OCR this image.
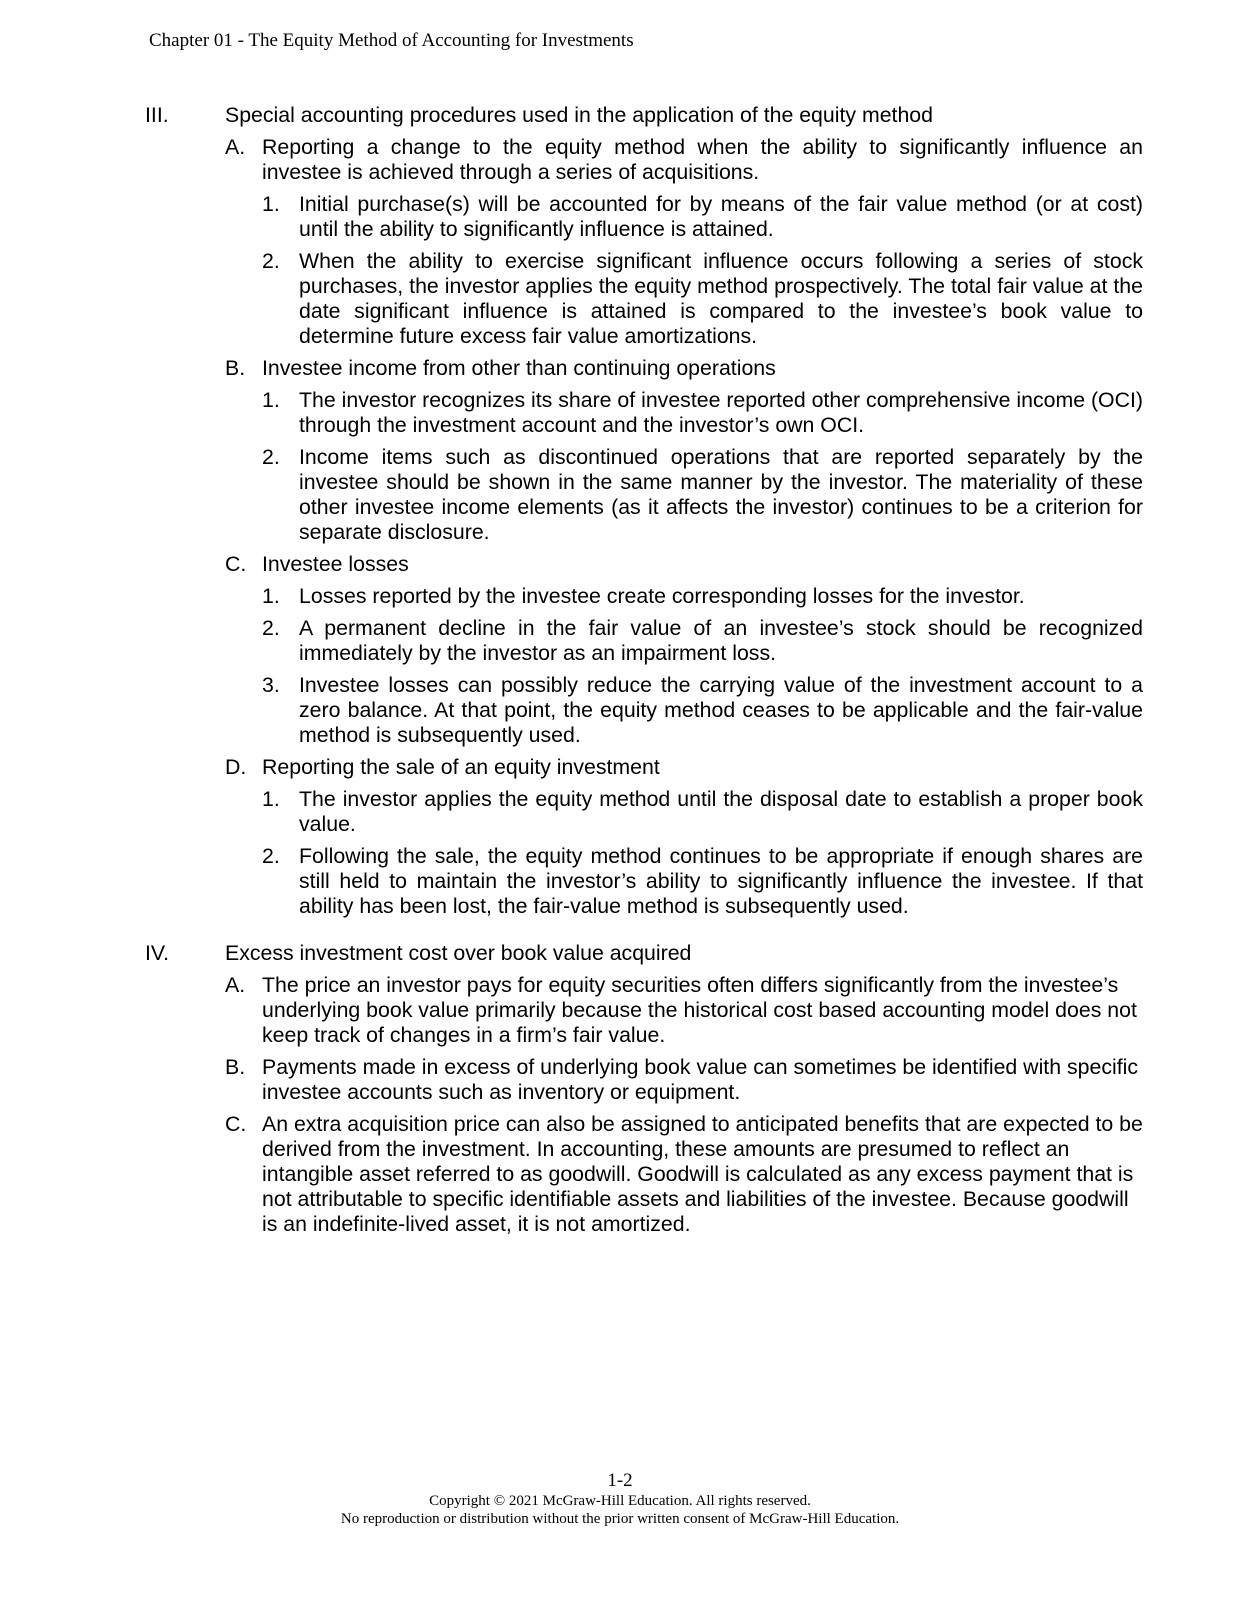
Chapter 01 - The Equity Method of Accounting for Investments
III.	Special accounting procedures used in the application of the equity method
A. Reporting a change to the equity method when the ability to significantly influence an investee is achieved through a series of acquisitions.
1. Initial purchase(s) will be accounted for by means of the fair value method (or at cost) until the ability to significantly influence is attained.
2. When the ability to exercise significant influence occurs following a series of stock purchases, the investor applies the equity method prospectively. The total fair value at the date significant influence is attained is compared to the investee’s book value to determine future excess fair value amortizations.
B. Investee income from other than continuing operations
1. The investor recognizes its share of investee reported other comprehensive income (OCI) through the investment account and the investor’s own OCI.
2. Income items such as discontinued operations that are reported separately by the investee should be shown in the same manner by the investor. The materiality of these other investee income elements (as it affects the investor) continues to be a criterion for separate disclosure.
C. Investee losses
1. Losses reported by the investee create corresponding losses for the investor.
2. A permanent decline in the fair value of an investee’s stock should be recognized immediately by the investor as an impairment loss.
3. Investee losses can possibly reduce the carrying value of the investment account to a zero balance. At that point, the equity method ceases to be applicable and the fair-value method is subsequently used.
D. Reporting the sale of an equity investment
1. The investor applies the equity method until the disposal date to establish a proper book value.
2. Following the sale, the equity method continues to be appropriate if enough shares are still held to maintain the investor’s ability to significantly influence the investee. If that ability has been lost, the fair-value method is subsequently used.
IV.	Excess investment cost over book value acquired
A. The price an investor pays for equity securities often differs significantly from the investee’s underlying book value primarily because the historical cost based accounting model does not keep track of changes in a firm’s fair value.
B. Payments made in excess of underlying book value can sometimes be identified with specific investee accounts such as inventory or equipment.
C. An extra acquisition price can also be assigned to anticipated benefits that are expected to be derived from the investment. In accounting, these amounts are presumed to reflect an intangible asset referred to as goodwill. Goodwill is calculated as any excess payment that is not attributable to specific identifiable assets and liabilities of the investee. Because goodwill is an indefinite-lived asset, it is not amortized.
1-2
Copyright © 2021 McGraw-Hill Education. All rights reserved.
No reproduction or distribution without the prior written consent of McGraw-Hill Education.
